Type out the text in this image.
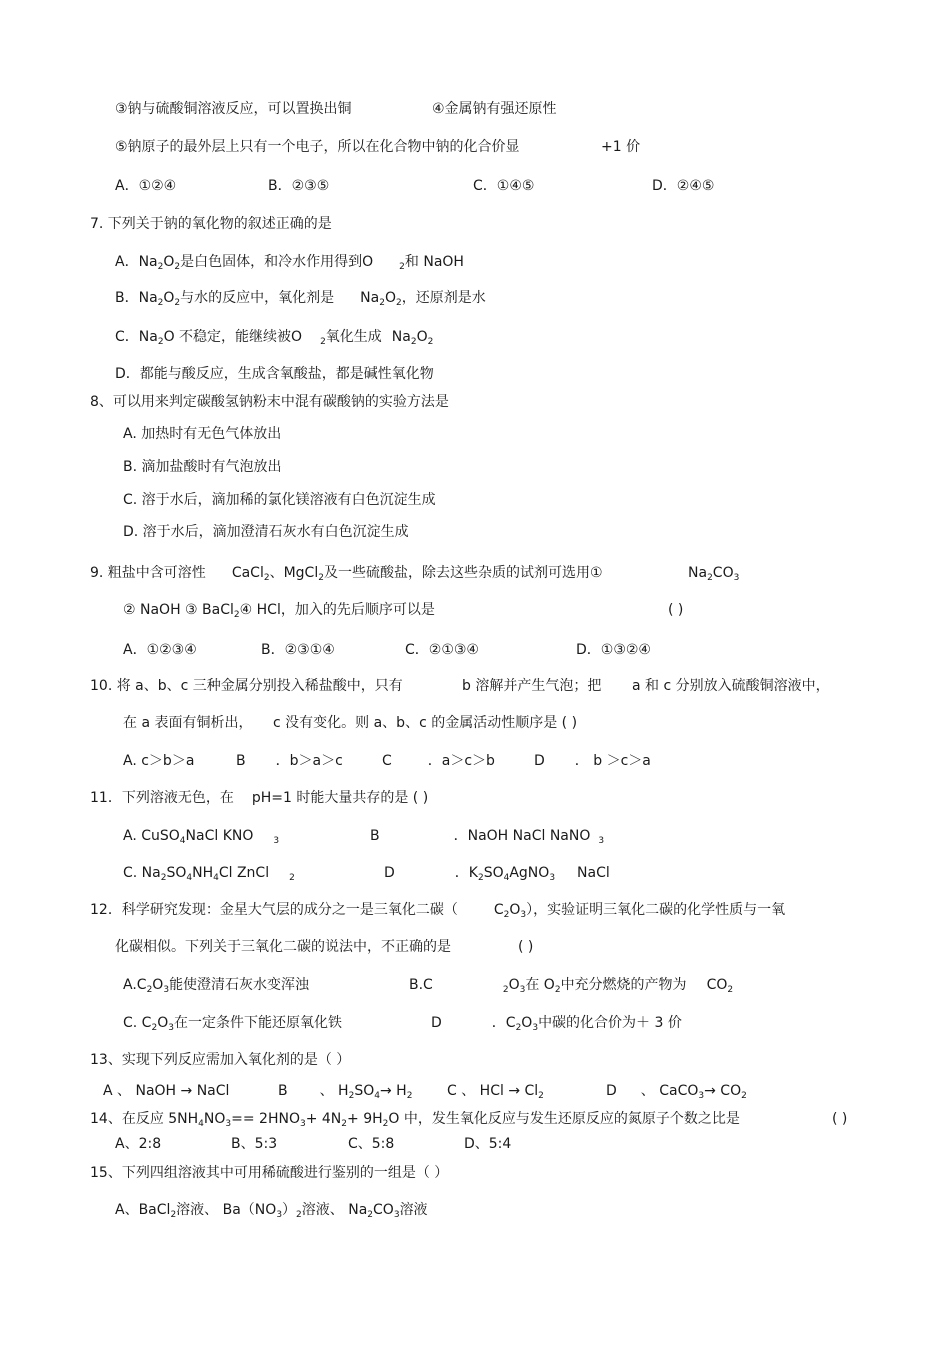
③钠与硫酸铜溶液反应，可以置换出铜	④金属钠有强还原性
⑤钠原子的最外层上只有一个电子，所以在化合物中钠的化合价显	+1 价
A．①②④	B．②③⑤	C．①④⑤	D．②④⑤
7. 下列关于钠的氧化物的叙述正确的是
A．$Na_2O_2$是白色固体，和冷水作用得到O	$_2$和 NaOH
B．$Na_2O_2$与水的反应中，氧化剂是 $Na_2O_2$，还原剂是水
C．$Na_2O$ 不稳定，能继续被O $_2$氧化生成 $Na_2O_2$
D．都能与酸反应，生成含氧酸盐，都是碱性氧化物
8、可以用来判定碳酸氢钠粉末中混有碳酸钠的实验方法是
A. 加热时有无色气体放出
B. 滴加盐酸时有气泡放出
C. 溶于水后，滴加稀的氯化镁溶液有白色沉淀生成
D. 溶于水后，滴加澄清石灰水有白色沉淀生成
9. 粗盐中含可溶性 CaCl$_2$、MgCl$_2$及一些硫酸盐，除去这些杂质的试剂可选用①	$Na_2CO_3$
② NaOH ③ BaCl$_2$④ HCl，加入的先后顺序可以是	( )
A．①②③④	B．②③①④	C．②①③④	D．①③②④
10. 将 a、b、c 三种金属分别投入稀盐酸中，只有	b 溶解并产生气泡；把 a 和 c 分别放入硫酸铜溶液中，
在 a 表面有铜析出， c 没有变化。则 a、b、c 的金属活动性顺序是 ( )
A. c＞b＞a	B ．b＞a＞c	C	．a＞c＞b	D ． b ＞c＞a
11．下列溶液无色，在 pH=1 时能大量共存的是 ( )
A. CuSO$_4$NaCl KNO $_3$	B	．NaOH NaCl NaNO $_3$
C. $Na_2SO_4NH_4Cl$ ZnCl $_2$	D	．$K_2SO_4AgNO_3$ NaCl
12．科学研究发现：金星大气层的成分之一是三氧化二碳（	$C_2O_3$），实验证明三氧化二碳的化学性质与一氧
化碳相似。下列关于三氧化二碳的说法中，不正确的是	( )
$A.C_2O_3$能使澄清石灰水变浑浊	B.C	$_2O_3$在 $O_2$中充分燃烧的产物为 $CO_2$
C. $C_2O_3$在一定条件下能还原氧化铁	D	．$C_2O_3$中碳的化合价为＋ 3 价
13、实现下列反应需加入氧化剂的是（ ）
A 、 NaOH → NaCl	B 、 $H_2SO_4\to H_2$ C 、 HCl → $Cl_2$	D 、 CaCO$_3$→ $CO_2$
14、在反应 $5NH_4NO_3== 2HNO_3+ 4N_2+ 9H_2O$ 中，发生氧化反应与发生还原反应的氮原子个数之比是	( )
A、2:8	B、5:3	C、5:8	D、5:4
15、下列四组溶液其中可用稀硫酸进行鉴别的一组是（ ）
A、BaCl$_2$溶液、 $Ba(NO_3)_2$溶液、 $Na_2CO_3$溶液
